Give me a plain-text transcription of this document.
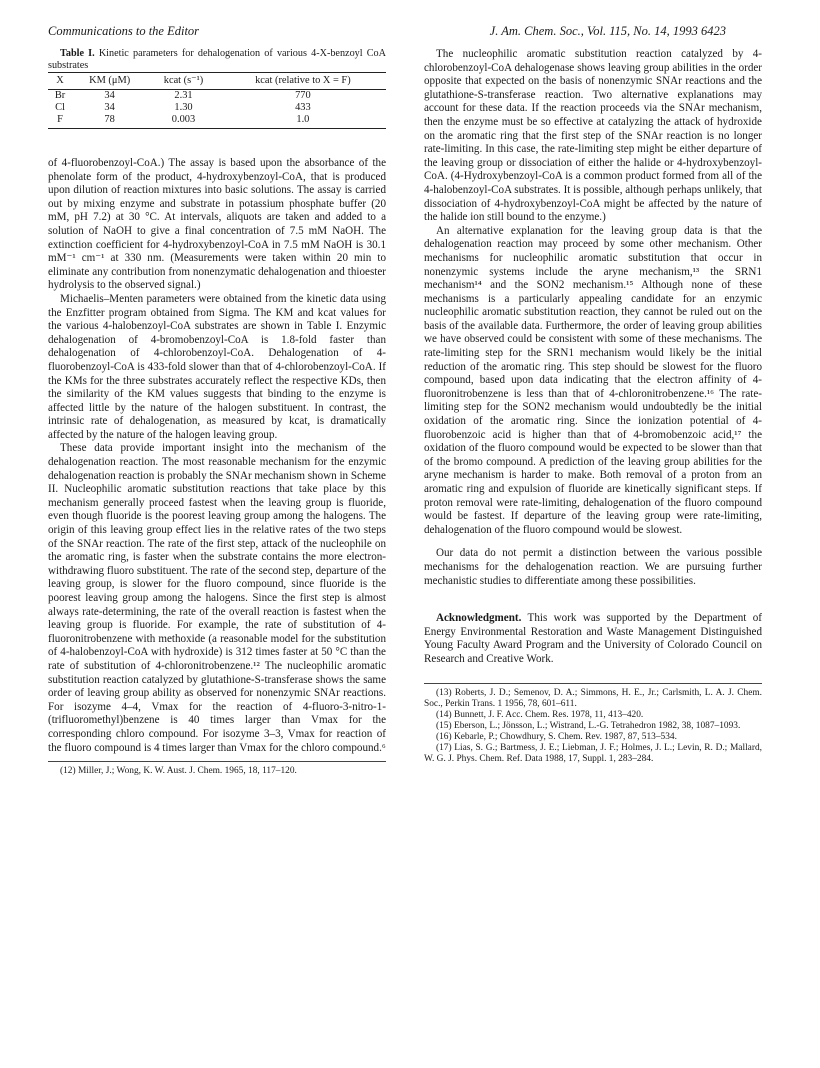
Communications to the Editor	J. Am. Chem. Soc., Vol. 115, No. 14, 1993 6423

Table I. Kinetic parameters for dehalogenation of various 4-X-benzoyl CoA substrates

X	KM (μM)	kcat (s⁻¹)	kcat (relative to X = F)
Br	34	2.31	770
Cl	34	1.30	433
F	78	0.003	1.0

of 4-fluorobenzoyl-CoA.) The assay is based upon the absorbance of the phenolate form of the product, 4-hydroxybenzoyl-CoA, that is produced upon dilution of reaction mixtures into basic solutions. The assay is carried out by mixing enzyme and substrate in potassium phosphate buffer (20 mM, pH 7.2) at 30 °C. At intervals, aliquots are taken and added to a solution of NaOH to give a final concentration of 7.5 mM NaOH. The extinction coefficient for 4-hydroxybenzoyl-CoA in 7.5 mM NaOH is 30.1 mM⁻¹ cm⁻¹ at 330 nm. (Measurements were taken within 20 min to eliminate any contribution from nonenzymatic dehalogenation and thioester hydrolysis to the observed signal.)

Michaelis–Menten parameters were obtained from the kinetic data using the Enzfitter program obtained from Sigma. The KM and kcat values for the various 4-halobenzoyl-CoA substrates are shown in Table I. Enzymic dehalogenation of 4-bromobenzoyl-CoA is 1.8-fold faster than dehalogenation of 4-chlorobenzoyl-CoA. Dehalogenation of 4-fluorobenzoyl-CoA is 433-fold slower than that of 4-chlorobenzoyl-CoA. If the KMs for the three substrates accurately reflect the respective KDs, then the similarity of the KM values suggests that binding to the enzyme is affected little by the nature of the halogen substituent. In contrast, the intrinsic rate of dehalogenation, as measured by kcat, is dramatically affected by the nature of the halogen leaving group.

These data provide important insight into the mechanism of the dehalogenation reaction. The most reasonable mechanism for the enzymic dehalogenation reaction is probably the SNAr mechanism shown in Scheme II. Nucleophilic aromatic substitution reactions that take place by this mechanism generally proceed fastest when the leaving group is fluoride, even though fluoride is the poorest leaving group among the halogens. The origin of this leaving group effect lies in the relative rates of the two steps of the SNAr reaction. The rate of the first step, attack of the nucleophile on the aromatic ring, is faster when the substrate contains the more electron-withdrawing fluoro substituent. The rate of the second step, departure of the leaving group, is slower for the fluoro compound, since fluoride is the poorest leaving group among the halogens. Since the first step is almost always rate-determining, the rate of the overall reaction is fastest when the leaving group is fluoride. For example, the rate of substitution of 4-fluoronitrobenzene with methoxide (a reasonable model for the substitution of 4-halobenzoyl-CoA with hydroxide) is 312 times faster at 50 °C than the rate of substitution of 4-chloronitrobenzene.¹² The nucleophilic aromatic substitution reaction catalyzed by glutathione-S-transferase shows the same order of leaving group ability as observed for nonenzymic SNAr reactions. For isozyme 4–4, Vmax for the reaction of 4-fluoro-3-nitro-1-(trifluoromethyl)benzene is 40 times larger than Vmax for the corresponding chloro compound. For isozyme 3–3, Vmax for reaction of the fluoro compound is 4 times larger than Vmax for the chloro compound.⁶

(12) Miller, J.; Wong, K. W. Aust. J. Chem. 1965, 18, 117–120.

The nucleophilic aromatic substitution reaction catalyzed by 4-chlorobenzoyl-CoA dehalogenase shows leaving group abilities in the order opposite that expected on the basis of nonenzymic SNAr reactions and the glutathione-S-transferase reaction. Two alternative explanations may account for these data. If the reaction proceeds via the SNAr mechanism, then the enzyme must be so effective at catalyzing the attack of hydroxide on the aromatic ring that the first step of the SNAr reaction is no longer rate-limiting. In this case, the rate-limiting step might be either departure of the leaving group or dissociation of either the halide or 4-hydroxybenzoyl-CoA. (4-Hydroxybenzoyl-CoA is a common product formed from all of the 4-halobenzoyl-CoA substrates. It is possible, although perhaps unlikely, that dissociation of 4-hydroxybenzoyl-CoA might be affected by the nature of the halide ion still bound to the enzyme.)

An alternative explanation for the leaving group data is that the dehalogenation reaction may proceed by some other mechanism. Other mechanisms for nucleophilic aromatic substitution that occur in nonenzymic systems include the aryne mechanism,¹³ the SRN1 mechanism¹⁴ and the SON2 mechanism.¹⁵ Although none of these mechanisms is a particularly appealing candidate for an enzymic nucleophilic aromatic substitution reaction, they cannot be ruled out on the basis of the available data. Furthermore, the order of leaving group abilities we have observed could be consistent with some of these mechanisms. The rate-limiting step for the SRN1 mechanism would likely be the initial reduction of the aromatic ring. This step should be slowest for the fluoro compound, based upon data indicating that the electron affinity of 4-fluoronitrobenzene is less than that of 4-chloronitrobenzene.¹⁶ The rate-limiting step for the SON2 mechanism would undoubtedly be the initial oxidation of the aromatic ring. Since the ionization potential of 4-fluorobenzoic acid is higher than that of 4-bromobenzoic acid,¹⁷ the oxidation of the fluoro compound would be expected to be slower than that of the bromo compound. A prediction of the leaving group abilities for the aryne mechanism is harder to make. Both removal of a proton from an aromatic ring and expulsion of fluoride are kinetically significant steps. If proton removal were rate-limiting, dehalogenation of the fluoro compound would be fastest. If departure of the leaving group were rate-limiting, dehalogenation of the fluoro compound would be slowest.

Our data do not permit a distinction between the various possible mechanisms for the dehalogenation reaction. We are pursuing further mechanistic studies to differentiate among these possibilities.

Acknowledgment. This work was supported by the Department of Energy Environmental Restoration and Waste Management Distinguished Young Faculty Award Program and the University of Colorado Council on Research and Creative Work.

(13) Roberts, J. D.; Semenov, D. A.; Simmons, H. E., Jr.; Carlsmith, L. A. J. Chem. Soc., Perkin Trans. 1 1956, 78, 601–611.

(14) Bunnett, J. F. Acc. Chem. Res. 1978, 11, 413–420.

(15) Eberson, L.; Jönsson, L.; Wistrand, L.-G. Tetrahedron 1982, 38, 1087–1093.

(16) Kebarle, P.; Chowdhury, S. Chem. Rev. 1987, 87, 513–534.

(17) Lias, S. G.; Bartmess, J. E.; Liebman, J. F.; Holmes, J. L.; Levin, R. D.; Mallard, W. G. J. Phys. Chem. Ref. Data 1988, 17, Suppl. 1, 283–284.
